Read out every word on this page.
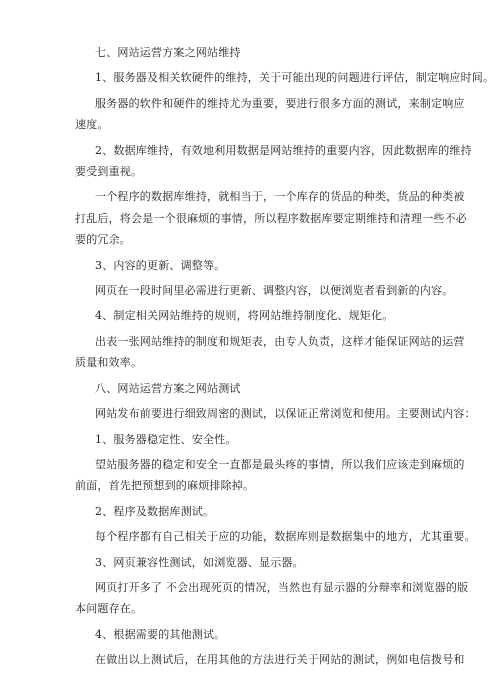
七、网站运营方案之网站维持

1、服务器及相关软硬件的维持，关于可能出现的问题进行评估，制定响应时间。

服务器的软件和硬件的维持尤为重要，要进行很多方面的测试，来制定响应
速度。

2、数据库维持，有效地利用数据是网站维持的重要内容，因此数据库的维持
要受到重视。

一个程序的数据库维持，就相当于，一个库存的货品的种类，货品的种类被
打乱后，将会是一个很麻烦的事情，所以程序数据库要定期维持和清理一些不必
要的冗余。

3、内容的更新、调整等。

网页在一段时间里必需进行更新、调整内容，以便浏览者看到新的内容。

4、制定相关网站维持的规则，将网站维持制度化、规矩化。

出表一张网站维持的制度和规矩表，由专人负责，这样才能保证网站的运营
质量和效率。

八、网站运营方案之网站测试

网站发布前要进行细致周密的测试，以保证正常浏览和使用。主要测试内容：

1、服务器稳定性、安全性。

望站服务器的稳定和安全一直都是最头疼的事情，所以我们应该走到麻烦的
前面，首先把预想到的麻烦排除掉。

2、程序及数据库测试。

每个程序都有自己相关于应的功能，数据库则是数据集中的地方，尤其重要。

3、网页兼容性测试，如浏览器、显示器。

网页打开多了 不会出现死页的情况，当然也有显示器的分辩率和浏览器的版
本问题存在。

4、根据需要的其他测试。

在做出以上测试后，在用其他的方法进行关于网站的测试，例如电信拨号和
